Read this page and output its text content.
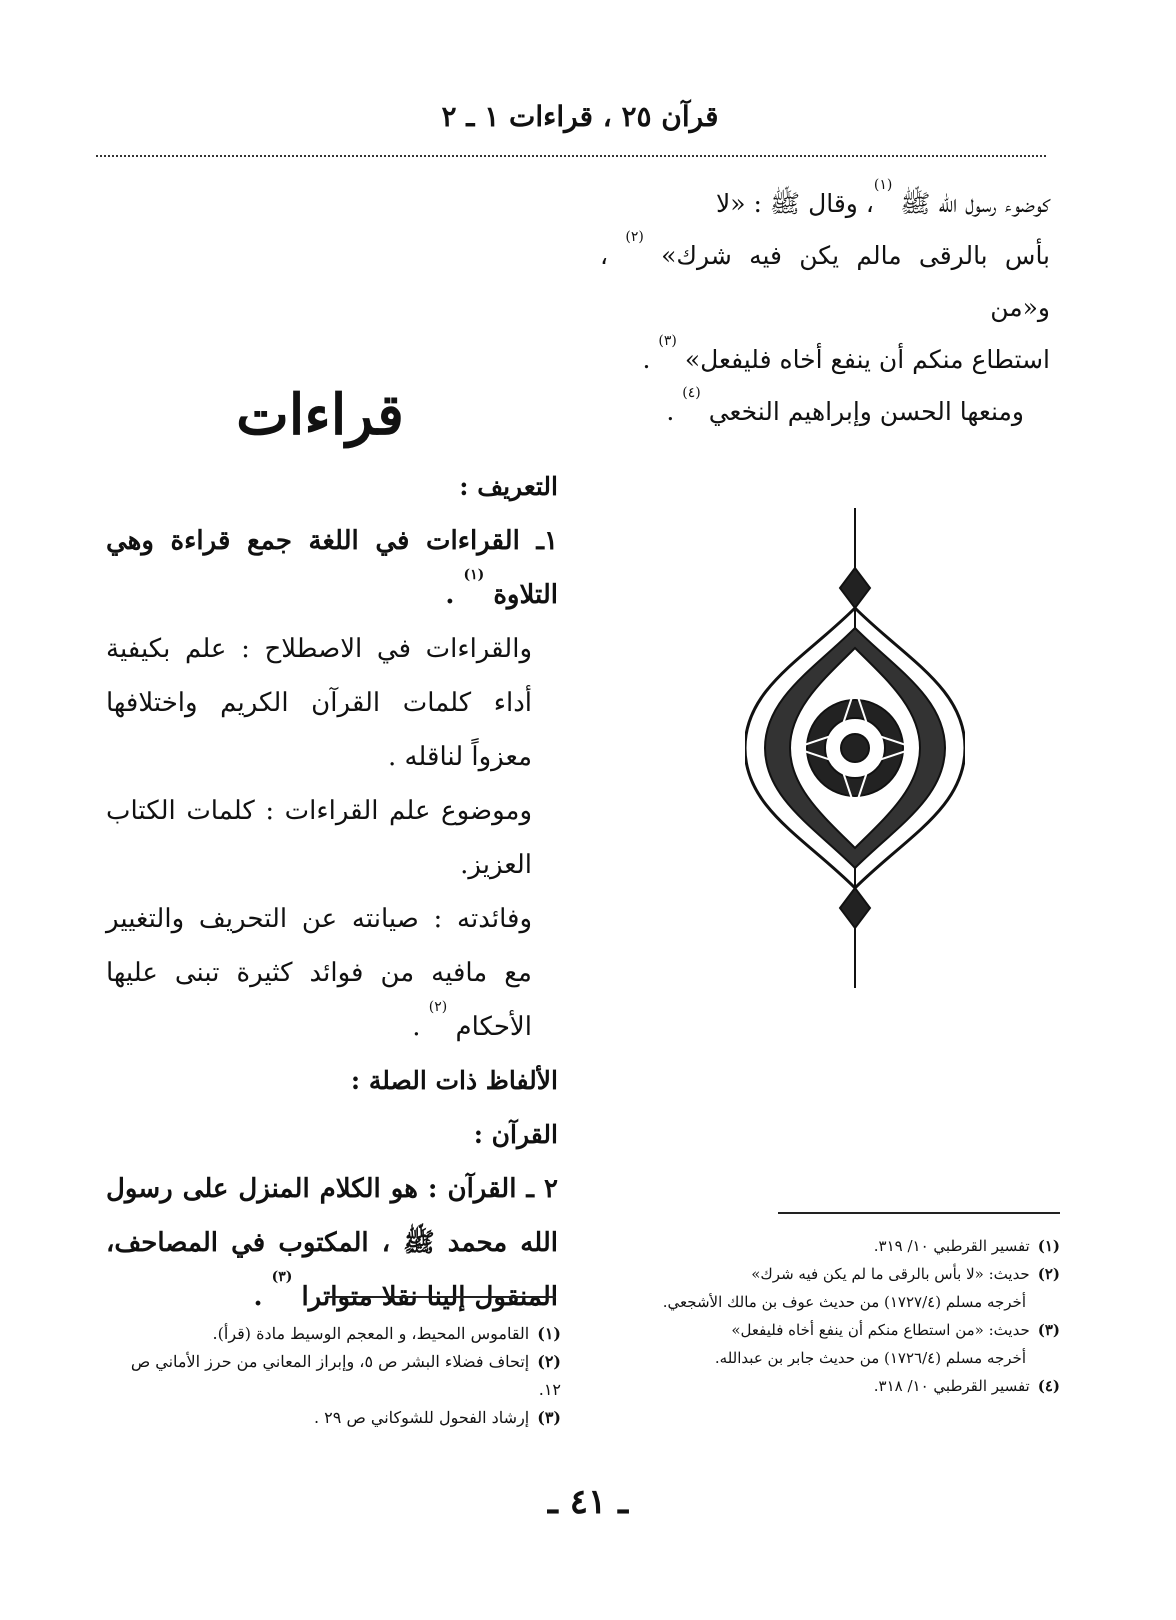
قرآن ٢٥ ، قراءات ١ ـ ٢

كوضوء رسول الله ﷺ $^{(١)}$، وقال ﷺ : «لا

بأس بالرقى مالم يكن فيه شرك» $^{(٢)}$ ، و«من

استطاع منكم أن ينفع أخاه فليفعل» $^{(٣)}$ .

ومنعها الحسن وإبراهيم النخعي $^{(٤)}$ .

قراءات

التعريف :

١ـ القراءات في اللغة جمع قراءة وهي التلاوة $^{(١)}$ .

والقراءات في الاصطلاح : علم بكيفية أداء كلمات القرآن الكريم واختلافها معزواً لناقله .

وموضوع علم القراءات : كلمات الكتاب العزيز.

وفائدته : صيانته عن التحريف والتغيير مع مافيه من فوائد كثيرة تبنى عليها الأحكام $^{(٢)}$ .

الألفاظ ذات الصلة :

القرآن :

٢ ـ القرآن : هو الكلام المنزل على رسول الله محمد ﷺ ، المكتوب في المصاحف، المنقول إلينا نقلا متواترا $^{(٣)}$ .

(١)القاموس المحيط، و المعجم الوسيط مادة (قرأ).

(٢)إتحاف فضلاء البشر ص ٥، وإبراز المعاني من حرز الأماني ص ١٢.

(٣)إرشاد الفحول للشوكاني ص ٢٩ .

(١)تفسير القرطبي ١٠/ ٣١٩.

(٢)حديث: «لا بأس بالرقى ما لم يكن فيه شرك»

أخرجه مسلم (١٧٢٧/٤) من حديث عوف بن مالك الأشجعي.

(٣)حديث: «من استطاع منكم أن ينفع أخاه فليفعل»

أخرجه مسلم (١٧٢٦/٤) من حديث جابر بن عبدالله.

(٤)تفسير القرطبي ١٠/ ٣١٨.

ـ ٤١ ـ
